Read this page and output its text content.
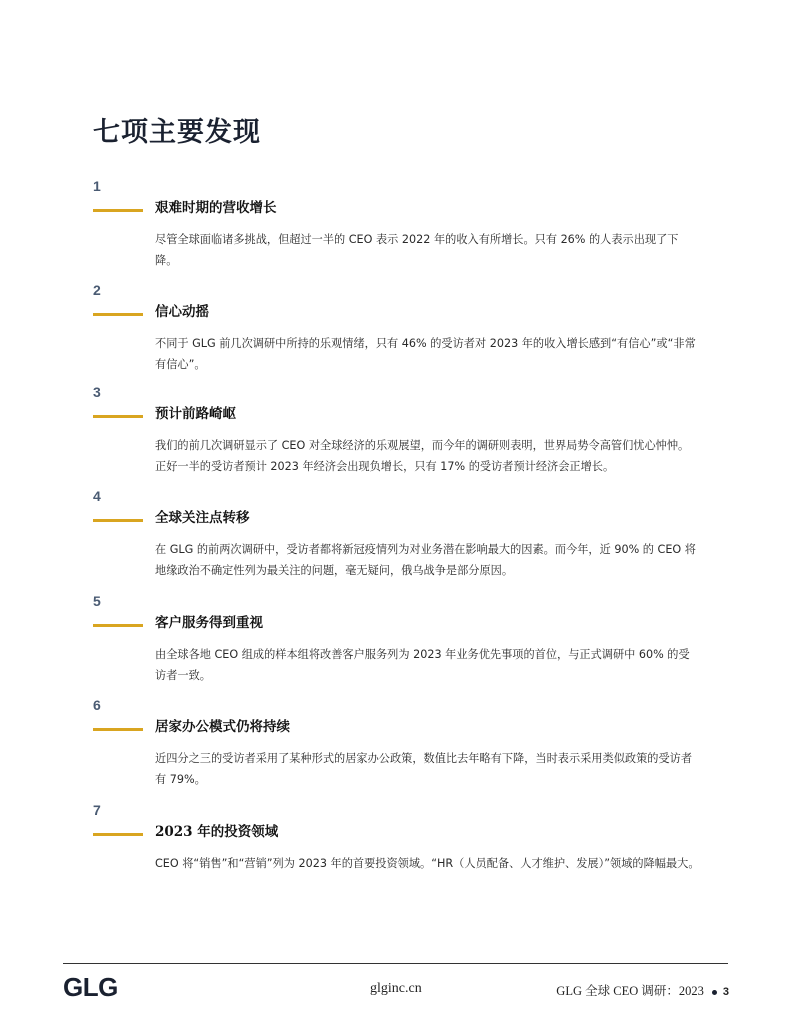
七项主要发现
1
艰难时期的营收增长

尽管全球面临诸多挑战，但超过一半的 CEO 表示 2022 年的收入有所增长。只有 26% 的人表示出现了下降。

2
信心动摇

不同于 GLG 前几次调研中所持的乐观情绪，只有 46% 的受访者对 2023 年的收入增长感到“有信心”或“非常有信心”。

3
预计前路崎岖

我们的前几次调研显示了 CEO 对全球经济的乐观展望，而今年的调研则表明，世界局势令高管们忧心忡忡。正好一半的受访者预计 2023 年经济会出现负增长，只有 17% 的受访者预计经济会正增长。

4
全球关注点转移

在 GLG 的前两次调研中，受访者都将新冠疫情列为对业务潜在影响最大的因素。而今年，近 90% 的 CEO 将地缘政治不确定性列为最关注的问题，毫无疑问，俄乌战争是部分原因。

5
客户服务得到重视

由全球各地 CEO 组成的样本组将改善客户服务列为 2023 年业务优先事项的首位，与正式调研中 60% 的受访者一致。

6
居家办公模式仍将持续

近四分之三的受访者采用了某种形式的居家办公政策，数值比去年略有下降，当时表示采用类似政策的受访者有 79%。

7
2023 年的投资领域

CEO 将“销售”和“营销”列为 2023 年的首要投资领域。“HR（人员配备、人才维护、发展）”领域的降幅最大。

GLG	glginc.cn	GLG 全球 CEO 调研：2023 3
